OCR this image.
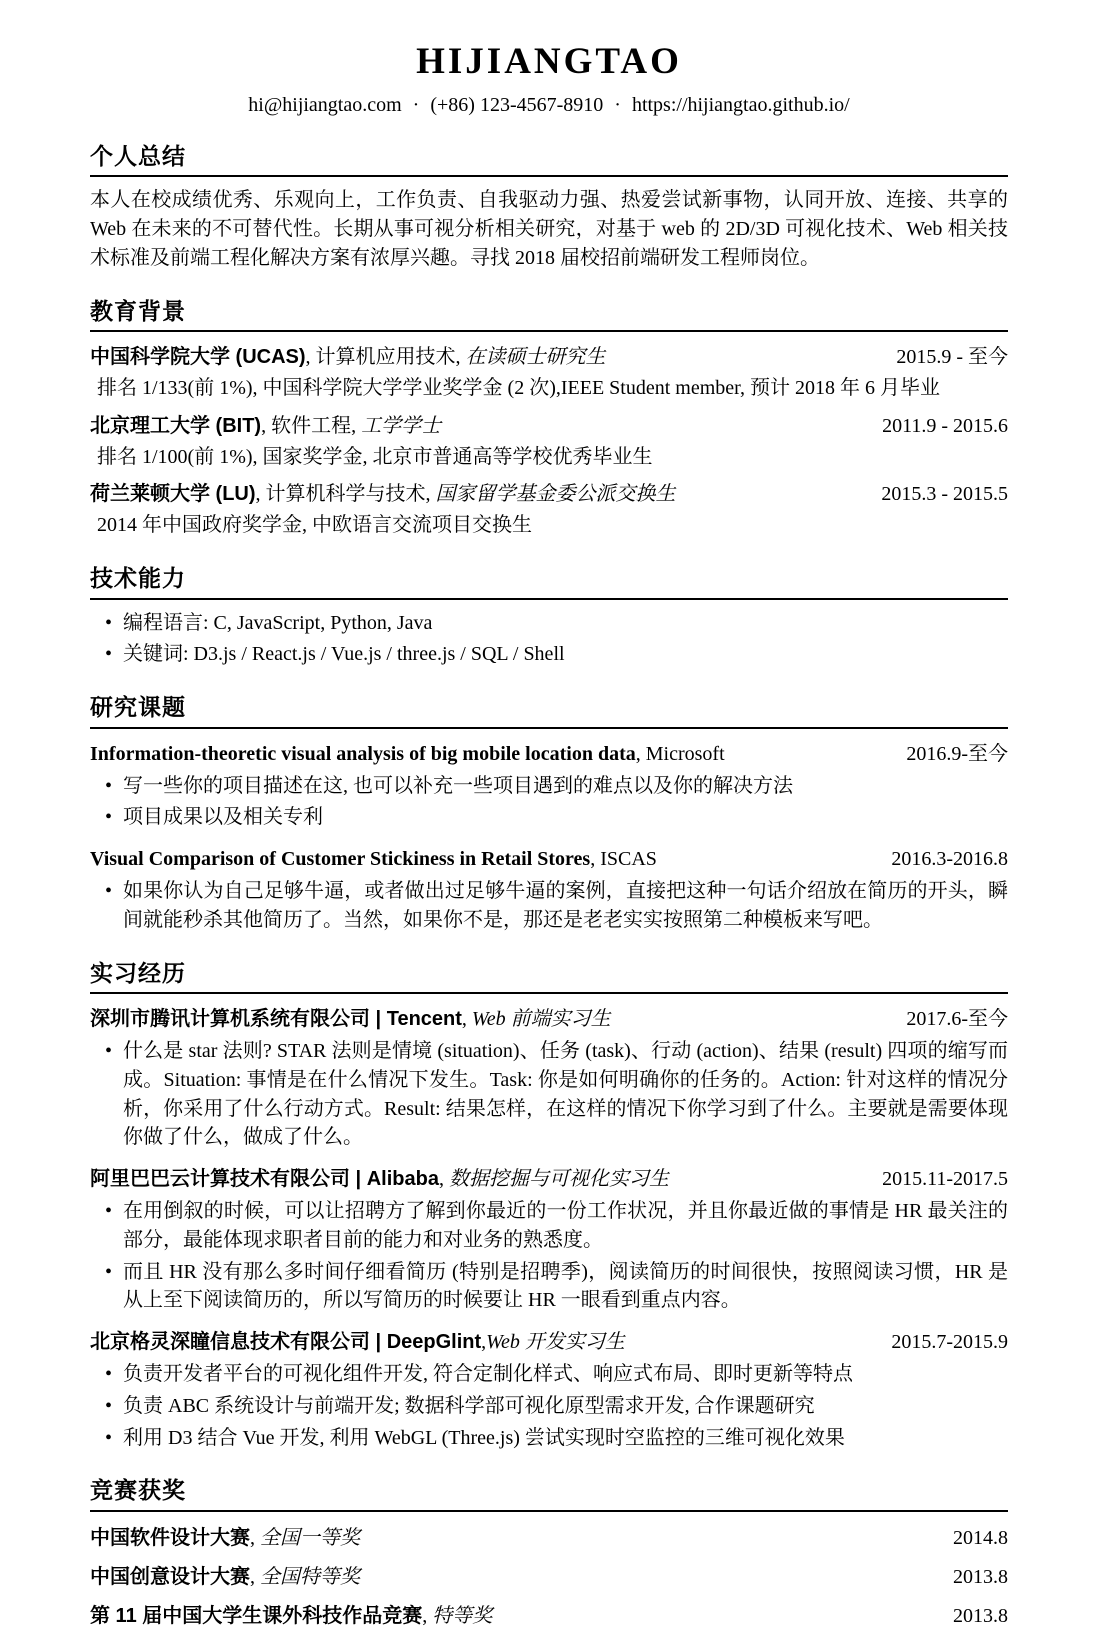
HIJIANGTAO
hi@hijiangtao.com · (+86) 123-4567-8910 · https://hijiangtao.github.io/
个人总结

本人在校成绩优秀、乐观向上，工作负责、自我驱动力强、热爱尝试新事物，认同开放、连接、共享的 Web 在未来的不可替代性。长期从事可视分析相关研究，对基于 web 的 2D/3D 可视化技术、Web 相关技术标准及前端工程化解决方案有浓厚兴趣。寻找 2018 届校招前端研发工程师岗位。

教育背景
中国科学院大学 (UCAS), 计算机应用技术, 在读硕士研究生	2015.9 - 至今
排名 1/133(前 1%), 中国科学院大学学业奖学金 (2 次),IEEE Student member, 预计 2018 年 6 月毕业
北京理工大学 (BIT), 软件工程, 工学学士	2011.9 - 2015.6
排名 1/100(前 1%), 国家奖学金, 北京市普通高等学校优秀毕业生
荷兰莱顿大学 (LU), 计算机科学与技术, 国家留学基金委公派交换生	2015.3 - 2015.5
2014 年中国政府奖学金, 中欧语言交流项目交换生
技术能力
• 编程语言: C, JavaScript, Python, Java
• 关键词: D3.js / React.js / Vue.js / three.js / SQL / Shell
研究课题
Information-theoretic visual analysis of big mobile location data, Microsoft	2016.9-至今
• 写一些你的项目描述在这, 也可以补充一些项目遇到的难点以及你的解决方法
• 项目成果以及相关专利
Visual Comparison of Customer Stickiness in Retail Stores, ISCAS	2016.3-2016.8
• 如果你认为自己足够牛逼，或者做出过足够牛逼的案例，直接把这种一句话介绍放在简历的开头，瞬间就能秒杀其他简历了。当然，如果你不是，那还是老老实实按照第二种模板来写吧。
实习经历
深圳市腾讯计算机系统有限公司 | Tencent, Web 前端实习生	2017.6-至今
• 什么是 star 法则? STAR 法则是情境 (situation)、任务 (task)、行动 (action)、结果 (result) 四项的缩写而成。Situation: 事情是在什么情况下发生。Task: 你是如何明确你的任务的。Action: 针对这样的情况分析，你采用了什么行动方式。Result: 结果怎样，在这样的情况下你学习到了什么。主要就是需要体现你做了什么，做成了什么。
阿里巴巴云计算技术有限公司 | Alibaba, 数据挖掘与可视化实习生	2015.11-2017.5
• 在用倒叙的时候，可以让招聘方了解到你最近的一份工作状况，并且你最近做的事情是 HR 最关注的部分，最能体现求职者目前的能力和对业务的熟悉度。
• 而且 HR 没有那么多时间仔细看简历 (特别是招聘季)，阅读简历的时间很快，按照阅读习惯，HR 是从上至下阅读简历的，所以写简历的时候要让 HR 一眼看到重点内容。
北京格灵深瞳信息技术有限公司 | DeepGlint,Web 开发实习生	2015.7-2015.9
• 负责开发者平台的可视化组件开发, 符合定制化样式、响应式布局、即时更新等特点
• 负责 ABC 系统设计与前端开发; 数据科学部可视化原型需求开发, 合作课题研究
• 利用 D3 结合 Vue 开发, 利用 WebGL (Three.js) 尝试实现时空监控的三维可视化效果
竞赛获奖
中国软件设计大赛, 全国一等奖	2014.8
中国创意设计大赛, 全国特等奖	2013.8
第 11 届中国大学生课外科技作品竞赛, 特等奖	2013.8
